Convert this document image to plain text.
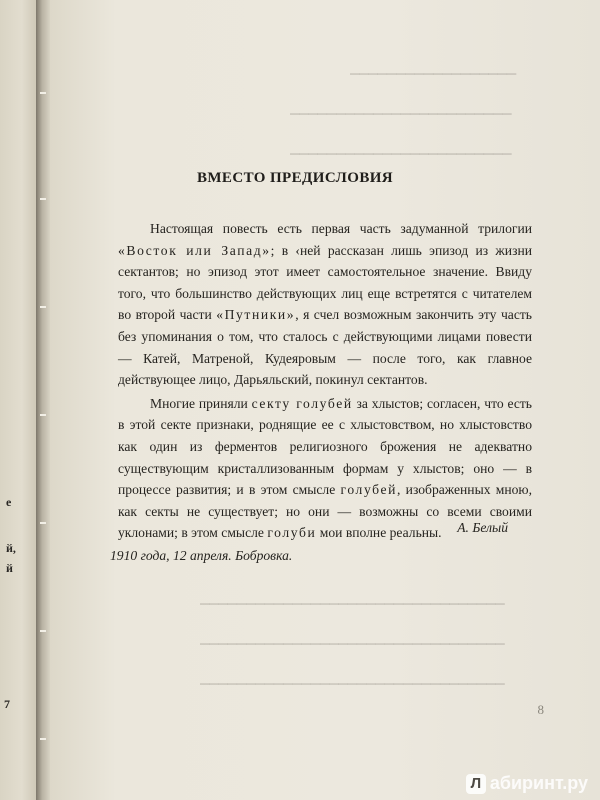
e
й,
й
7
▁▁▁▁▁▁▁▁▁▁▁▁▁▁▁▁▁▁
▁▁▁▁▁▁▁▁▁▁▁▁▁▁▁▁▁▁▁▁▁▁▁▁
▁▁▁▁▁▁▁▁▁▁▁▁▁▁▁▁▁▁▁▁▁▁▁▁
▁▁▁▁▁▁▁▁▁▁▁▁▁▁▁▁▁▁▁▁▁▁▁▁▁▁▁▁▁▁▁▁▁
▁▁▁▁▁▁▁▁▁▁▁▁▁▁▁▁▁▁▁▁▁▁▁▁▁▁▁▁▁▁▁▁▁
▁▁▁▁▁▁▁▁▁▁▁▁▁▁▁▁▁▁▁▁▁▁▁▁▁▁▁▁▁▁▁▁▁
ВМЕСТО ПРЕДИСЛОВИЯ

Настоящая повесть есть первая часть задуманной трилогии «Восток или Запад»; в ‹ней рассказан лишь эпизод из жизни сектантов; но эпизод этот имеет самостоятельное значение. Ввиду того, что большинство действующих лиц еще встретятся с читателем во второй части «Путники», я счел возможным закончить эту часть без упоминания о том, что сталось с действующими лицами повести — Катей, Матреной, Кудеяровым — после того, как главное действующее лицо, Дарьяльский, покинул сектантов.

Многие приняли секту голубей за хлыстов; согласен, что есть в этой секте признаки, роднящие ее с хлыстовством, но хлыстовство как один из ферментов религиозного брожения не адекватно существующим кристаллизованным формам у хлыстов; оно — в процессе развития; и в этом смысле голубей, изображенных мною, как секты не существует; но они — возможны со всеми своими уклонами; в этом смысле голуби мои вполне реальны.	А. Белый
1910 года, 12 апреля. Бобровка.
8
Л абиринт.ру
